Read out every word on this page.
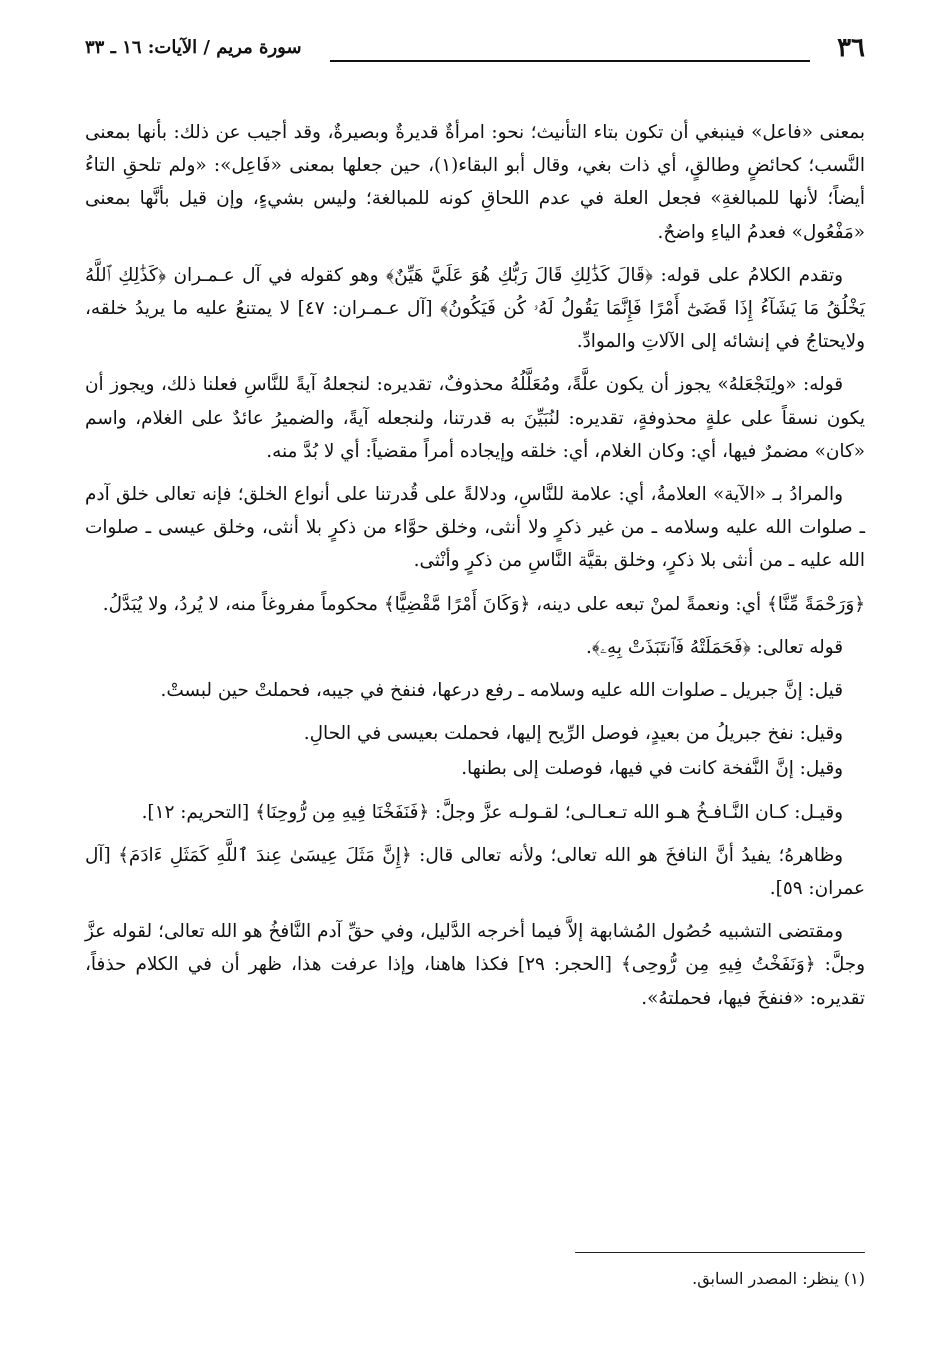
٣٦
سورة مريم / الآيات: ١٦ ـ ٣٣

بمعنى «فاعل» فينبغي أن تكون بتاء التأنيث؛ نحو: امرأةٌ قديرةٌ وبصيرةٌ، وقد أجيب عن ذلك: بأنها بمعنى النَّسب؛ كحائضٍ وطالقٍ، أي ذات بغي، وقال أبو البقاء(١)، حين جعلها بمعنى «فَاعِل»: «ولم تلحقِ التاءُ أيضاً؛ لأنها للمبالغةِ» فجعل العلة في عدم اللحاقِ كونه للمبالغة؛ وليس بشيءٍ، وإن قيل بأنَّها بمعنى «مَفْعُول» فعدمُ الياءِ واضحٌ.

وتقدم الكلامُ على قوله: ﴿قَالَ كَذَٰلِكِ قَالَ رَبُّكِ هُوَ عَلَيَّ هَيِّنٌ﴾ وهو كقوله في آل عـمـران ﴿كَذَٰلِكِ ٱللَّهُ يَخْلُقُ مَا يَشَآءُ إِذَا قَضَىٰٓ أَمْرًا فَإِنَّمَا يَقُولُ لَهُۥ كُن فَيَكُونُ﴾ [آل عـمـران: ٤٧] لا يمتنعُ عليه ما يريدُ خلقه، ولايحتاجُ في إنشائه إلى الآلاتِ والموادِّ.

قوله: «ولِنَجْعَلهُ» يجوز أن يكون علَّةً، ومُعَلَّلُهُ محذوفٌ، تقديره: لنجعلهُ آيةً للنَّاسِ فعلنا ذلك، ويجوز أن يكون نسقاً على علةٍ محذوفةٍ، تقديره: لنُبَيِّنَ به قدرتنا، ولنجعله آيةً، والضميرُ عائدٌ على الغلام، واسم «كان» مضمرٌ فيها، أي: وكان الغلام، أي: خلقه وإيجاده أمراً مقضياً: أي لا بُدَّ منه.

والمرادُ بـ «الآية» العلامةُ، أي: علامة للنَّاسِ، ودلالةً على قُدرتنا على أنواع الخلق؛ فإنه تعالى خلق آدم ـ صلوات الله عليه وسلامه ـ من غير ذكرٍ ولا أنثى، وخلق حوَّاء من ذكرٍ بلا أنثى، وخلق عيسى ـ صلوات الله عليه ـ من أنثى بلا ذكرٍ، وخلق بقيَّة النَّاسِ من ذكرٍ وأنْثى.

﴿وَرَحْمَةً مِّنَّا﴾ أي: ونعمةً لمنْ تبعه على دينه، ﴿وَكَانَ أَمْرًا مَّقْضِيًّا﴾ محكوماً مفروغاً منه، لا يُردُ، ولا يُبَدَّلُ.

قوله تعالى: ﴿فَحَمَلَتْهُ فَٱنتَبَذَتْ بِهِۦ﴾.

قيل: إنَّ جبريل ـ صلوات الله عليه وسلامه ـ رفع درعها، فنفخ في جيبه، فحملتْ حين لبستْ.

وقيل: نفخ جبريلُ من بعيدٍ، فوصل الرِّيح إليها، فحملت بعيسى في الحالِ.

وقيل: إنَّ النَّفخة كانت في فيها، فوصلت إلى بطنها.

وقيـل: كـان النَّـافـخُ هـو الله تـعـالـى؛ لقـولـه عزَّ وجلَّ: ﴿فَنَفَخْنَا فِيهِ مِن رُّوحِنَا﴾ [التحريم: ١٢].

وظاهرهُ؛ يفيدُ أنَّ النافخَ هو الله تعالى؛ ولأنه تعالى قال: ﴿إِنَّ مَثَلَ عِيسَىٰ عِندَ ٱللَّهِ كَمَثَلِ ءَادَمَ﴾ [آل عمران: ٥٩].

ومقتضى التشبيه حُصُول المُشابهة إلاَّ فيما أخرجه الدَّليل، وفي حقِّ آدم النَّافخُ هو الله تعالى؛ لقوله عزَّ وجلَّ: ﴿وَنَفَخْتُ فِيهِ مِن رُّوحِى﴾ [الحجر: ٢٩] فكذا هاهنا، وإذا عرفت هذا، ظهر أن في الكلام حذفاً، تقديره: «فنفخَ فيها، فحملتهُ».

(١) ينظر: المصدر السابق.
